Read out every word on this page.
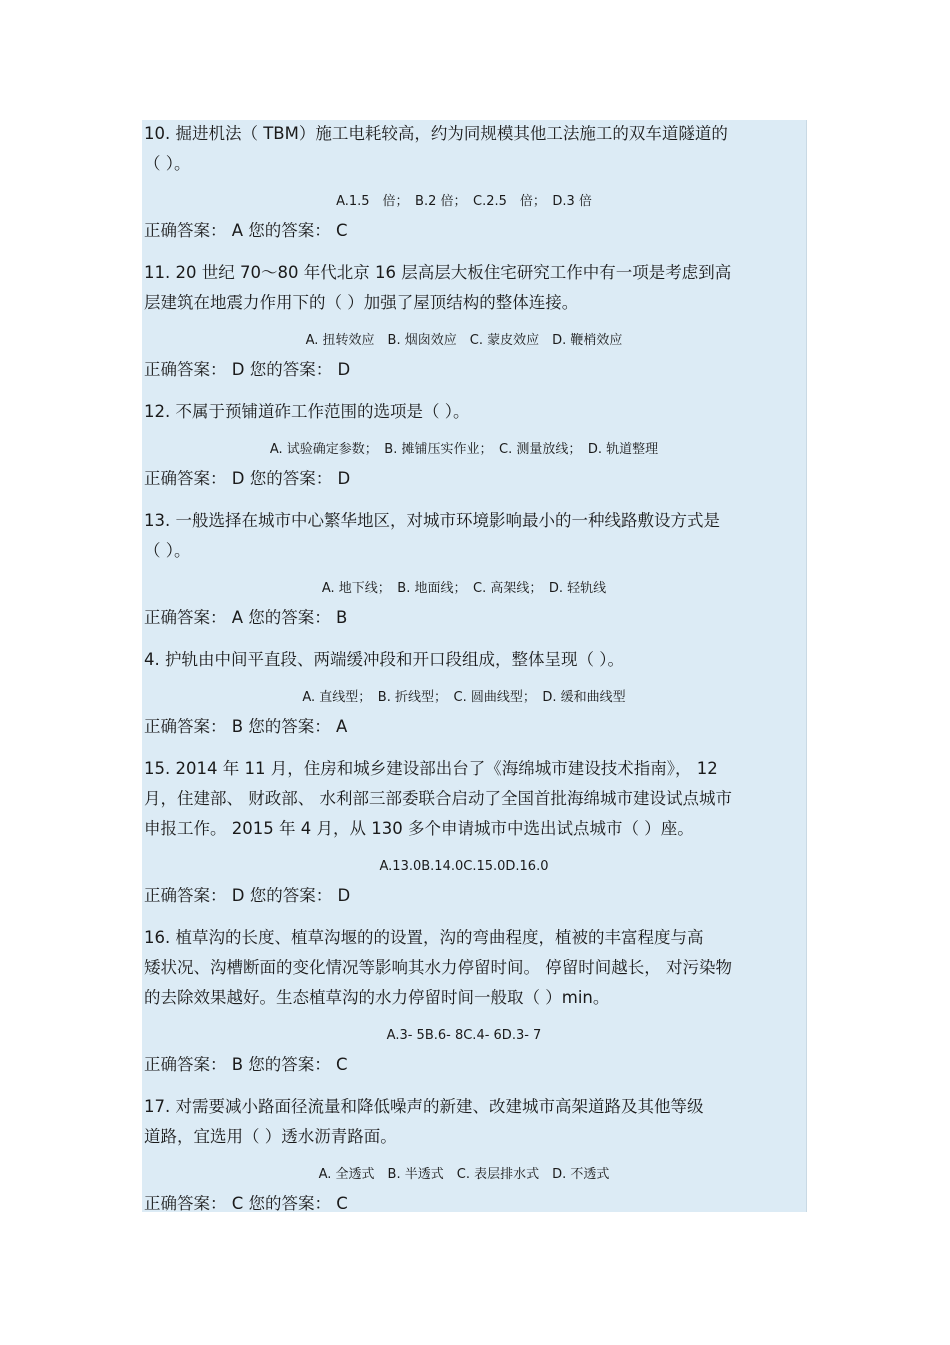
10. 掘进机法（ TBM）施工电耗较高，约为同规模其他工法施工的双车道隧道的
（ ）。
A.1.5　倍；　B.2 倍；　C.2.5　倍；　D.3 倍
正确答案： A 您的答案： C
11. 20 世纪 70～80 年代北京 16 层高层大板住宅研究工作中有一项是考虑到高
层建筑在地震力作用下的（ ）加强了屋顶结构的整体连接。
A. 扭转效应　B. 烟囱效应　C. 蒙皮效应　D. 鞭梢效应
正确答案： D 您的答案： D
12. 不属于预铺道砟工作范围的选项是（ ）。
A. 试验确定参数；　B. 摊铺压实作业；　C. 测量放线；　D. 轨道整理
正确答案： D 您的答案： D
13. 一般选择在城市中心繁华地区，对城市环境影响最小的一种线路敷设方式是
（ ）。
A. 地下线；　B. 地面线；　C. 高架线；　D. 轻轨线
正确答案： A 您的答案： B
4. 护轨由中间平直段、两端缓冲段和开口段组成，整体呈现（ ）。
A. 直线型；　B. 折线型；　C. 圆曲线型；　D. 缓和曲线型
正确答案： B 您的答案： A
15. 2014 年 11 月，住房和城乡建设部出台了《海绵城市建设技术指南》， 12
月，住建部、 财政部、 水利部三部委联合启动了全国首批海绵城市建设试点城市
申报工作。 2015 年 4 月，从 130 多个申请城市中选出试点城市（ ）座。
A.13.0B.14.0C.15.0D.16.0
正确答案： D 您的答案： D
16. 植草沟的长度、植草沟堰的的设置，沟的弯曲程度，植被的丰富程度与高
矮状况、沟槽断面的变化情况等影响其水力停留时间。 停留时间越长， 对污染物
的去除效果越好。生态植草沟的水力停留时间一般取（ ）min。
A.3- 5B.6- 8C.4- 6D.3- 7
正确答案： B 您的答案： C
17. 对需要减小路面径流量和降低噪声的新建、改建城市高架道路及其他等级
道路，宜选用（ ）透水沥青路面。
A. 全透式　B. 半透式　C. 表层排水式　D. 不透式
正确答案： C 您的答案： C
